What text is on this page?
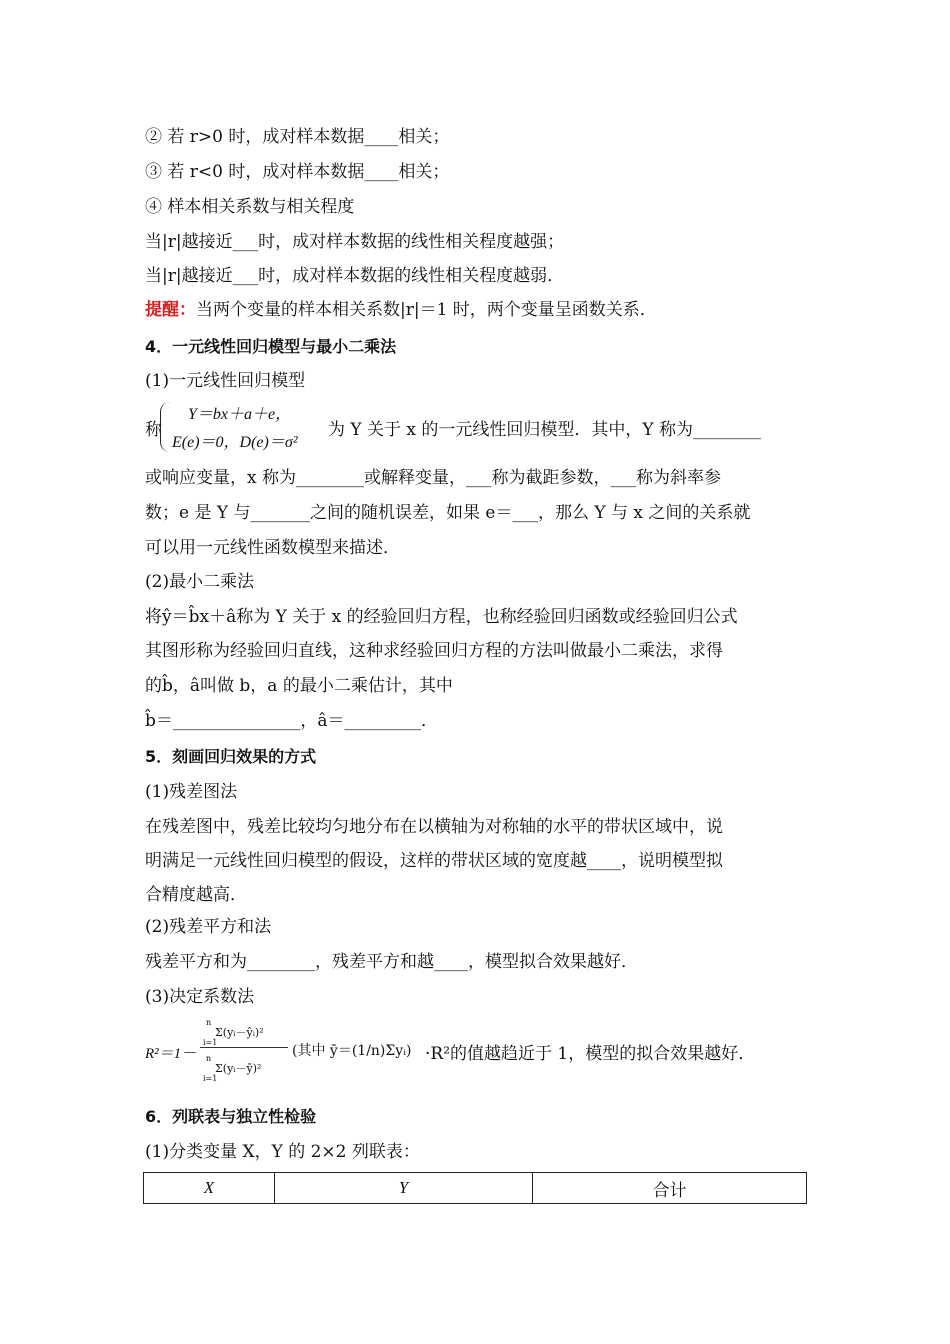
② 若 r>0 时，成对样本数据____相关；
③ 若 r<0 时，成对样本数据____相关；
④ 样本相关系数与相关程度
当|r|越接近___时，成对样本数据的线性相关程度越强；
当|r|越接近___时，成对样本数据的线性相关程度越弱．
提醒：当两个变量的样本相关系数|r|＝1 时，两个变量呈函数关系．
4．一元线性回归模型与最小二乘法
(1)一元线性回归模型
称
Y＝bx＋a＋e，
E(e)＝0，D(e)＝σ²
为 Y 关于 x 的一元线性回归模型．其中，Y 称为________
或响应变量，x 称为________或解释变量，___称为截距参数，___称为斜率参
数；e 是 Y 与_______之间的随机误差，如果 e＝___，那么 Y 与 x 之间的关系就
可以用一元线性函数模型来描述．
(2)最小二乘法
将ŷ＝b̂x＋â称为 Y 关于 x 的经验回归方程，也称经验回归函数或经验回归公式
其图形称为经验回归直线，这种求经验回归方程的方法叫做最小二乘法，求得
的b̂，â叫做 b，a 的最小二乘估计，其中
b̂＝_______________，â＝_________．
5．刻画回归效果的方式
(1)残差图法
在残差图中，残差比较均匀地分布在以横轴为对称轴的水平的带状区域中，说
明满足一元线性回归模型的假设，这样的带状区域的宽度越____，说明模型拟
合精度越高．
(2)残差平方和法
残差平方和为________，残差平方和越____，模型拟合效果越好．
(3)决定系数法
R²＝1－
n
i=1
Σ(yᵢ－ŷᵢ)²
n
i=1
Σ(yᵢ－ȳ)²
(其中 ȳ＝(1/n)Σyᵢ) ·R²的值越趋近于 1，模型的拟合效果越好．
6．列联表与独立性检验
(1)分类变量 X，Y 的 2×2 列联表：
X	Y	合计
